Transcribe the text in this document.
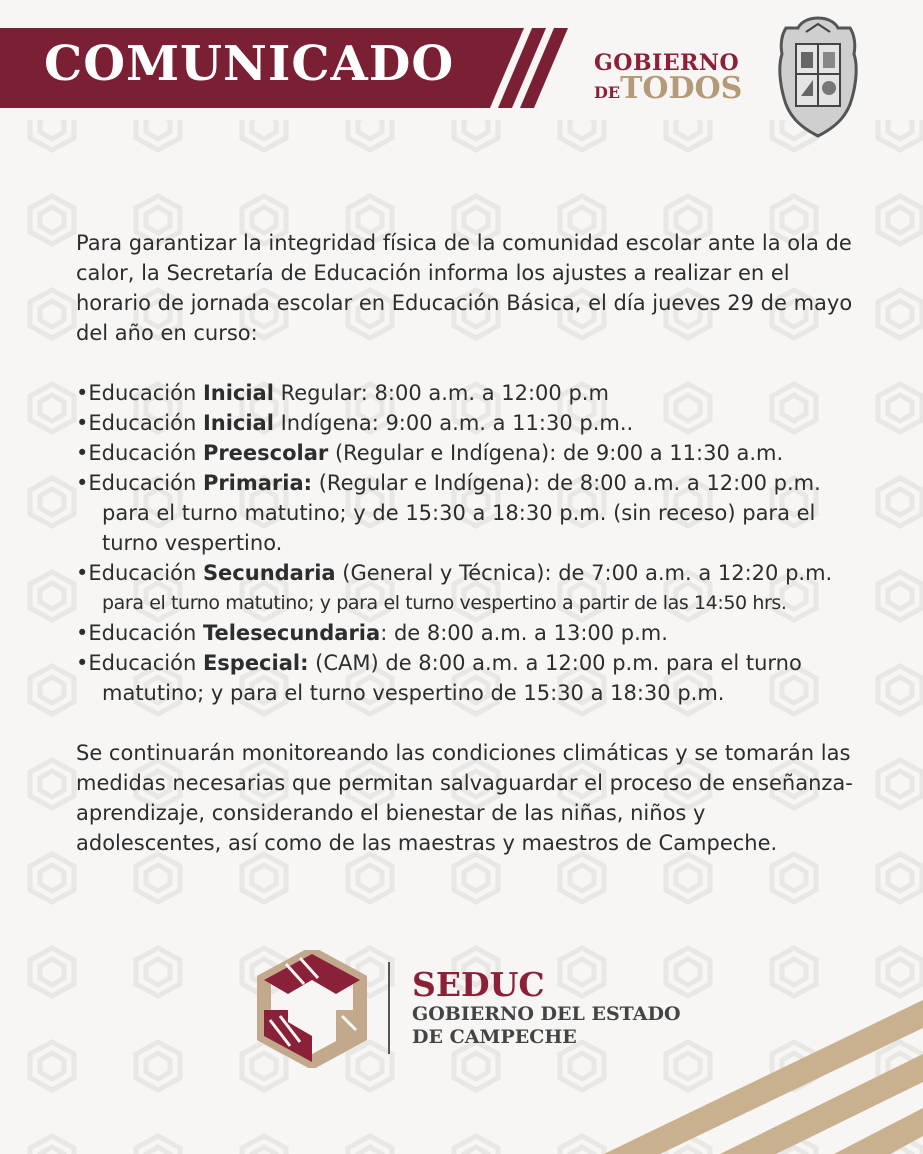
COMUNICADO	GOBIERNO
DETODOS

Para garantizar la integridad física de la comunidad escolar ante la ola de calor, la Secretaría de Educación informa los ajustes a realizar en el horario de jornada escolar en Educación Básica, el día jueves 29 de mayo del año en curso:

•Educación Inicial Regular: 8:00 a.m. a 12:00 p.m
•Educación Inicial Indígena: 9:00 a.m. a 11:30 p.m..
•Educación Preescolar (Regular e Indígena): de 9:00 a 11:30 a.m.
•Educación Primaria: (Regular e Indígena): de 8:00 a.m. a 12:00 p.m.
para el turno matutino; y de 15:30 a 18:30 p.m. (sin receso) para el turno vespertino.
•Educación Secundaria (General y Técnica): de 7:00 a.m. a 12:20 p.m.
para el turno matutino; y para el turno vespertino a partir de las 14:50 hrs.
•Educación Telesecundaria: de 8:00 a.m. a 13:00 p.m.
•Educación Especial: (CAM) de 8:00 a.m. a 12:00 p.m. para el turno
matutino; y para el turno vespertino de 15:30 a 18:30 p.m.

Se continuarán monitoreando las condiciones climáticas y se tomarán las medidas necesarias que permitan salvaguardar el proceso de enseñanza-aprendizaje, considerando el bienestar de las niñas, niños y adolescentes, así como de las maestras y maestros de Campeche.

SEDUC
GOBIERNO DEL ESTADO
DE CAMPECHE
